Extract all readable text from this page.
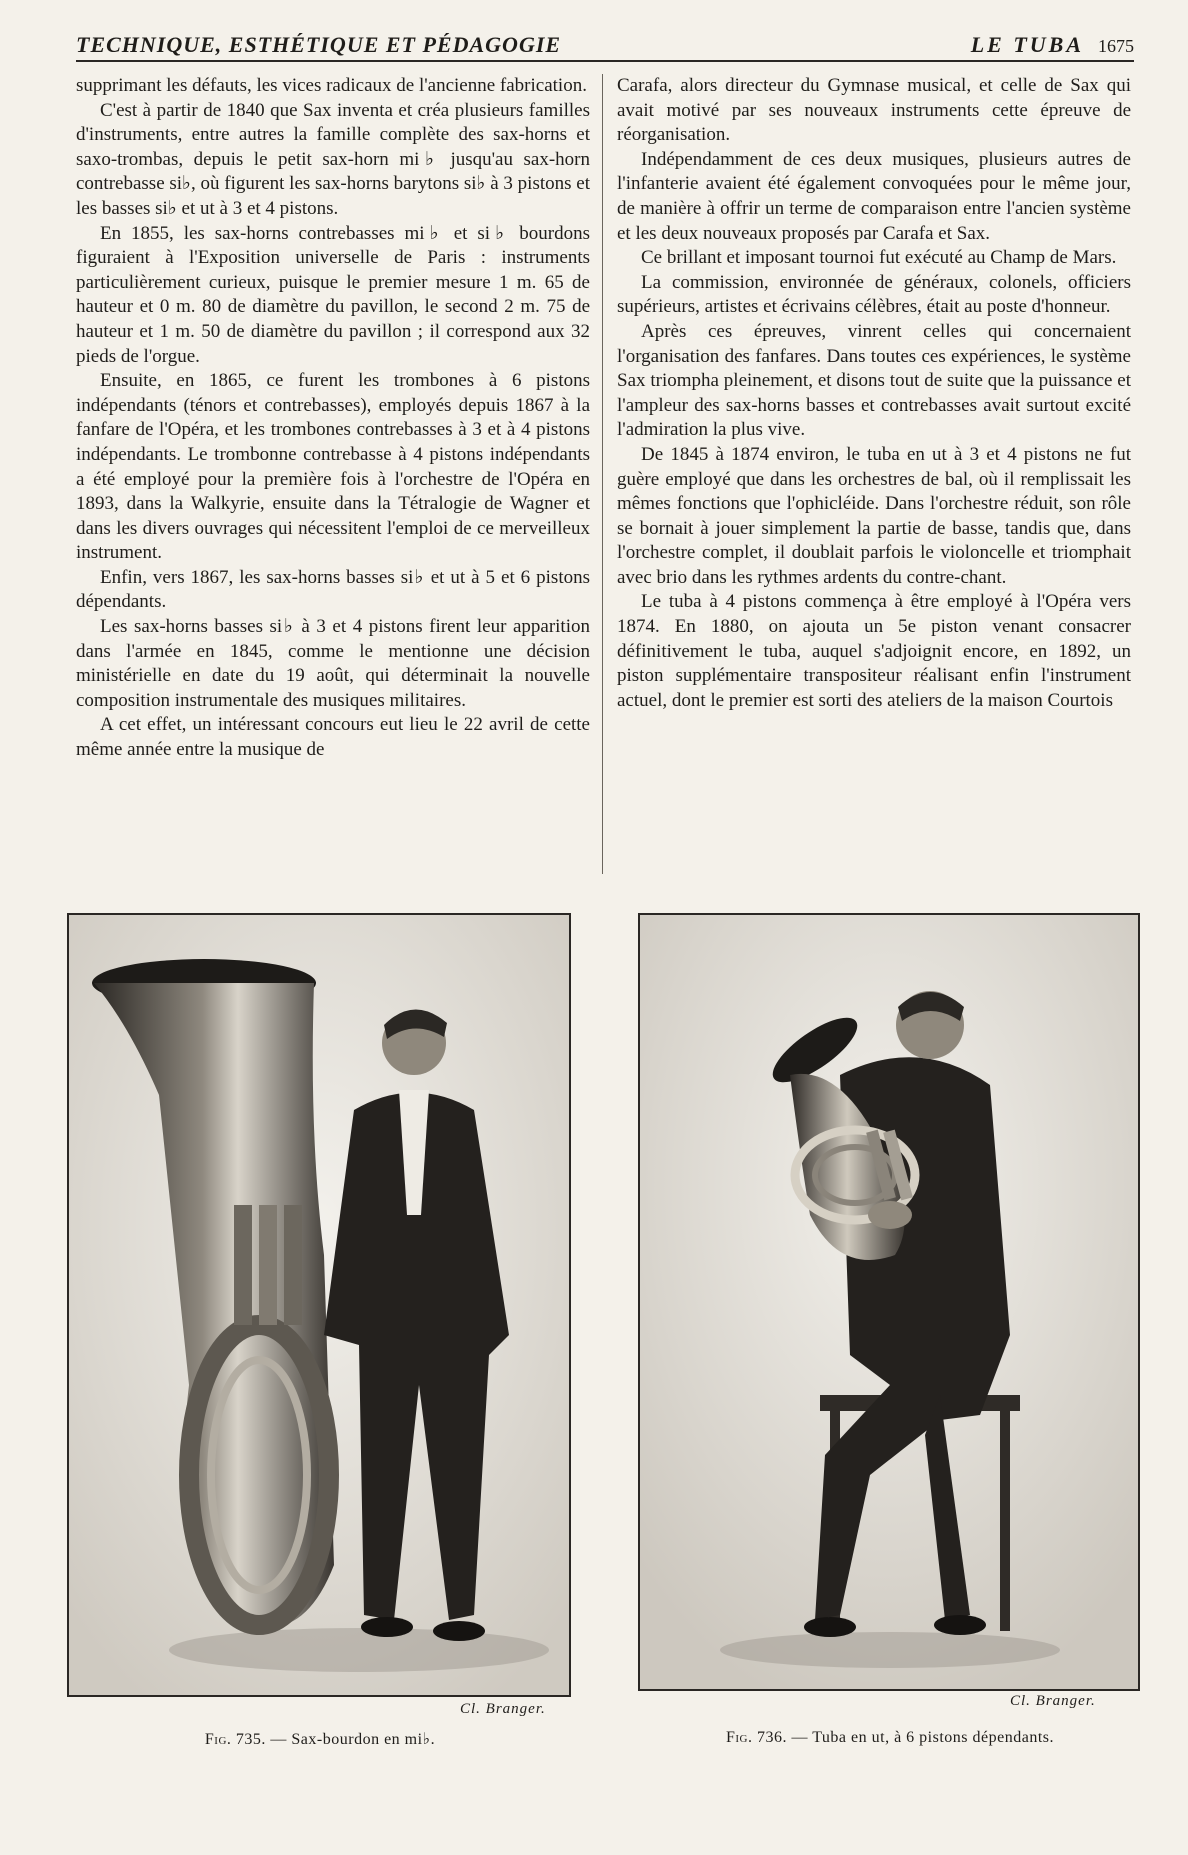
TECHNIQUE, ESTHÉTIQUE ET PÉDAGOGIE	LE TUBA 1675

supprimant les défauts, les vices radicaux de l'ancienne fabrication.

C'est à partir de 1840 que Sax inventa et créa plusieurs familles d'instruments, entre autres la famille complète des sax-horns et saxo-trombas, depuis le petit sax-horn mi♭ jusqu'au sax-horn contrebasse si♭, où figurent les sax-horns barytons si♭ à 3 pistons et les basses si♭ et ut à 3 et 4 pistons.

En 1855, les sax-horns contrebasses mi♭ et si♭ bourdons figuraient à l'Exposition universelle de Paris : instruments particulièrement curieux, puisque le premier mesure 1 m. 65 de hauteur et 0 m. 80 de diamètre du pavillon, le second 2 m. 75 de hauteur et 1 m. 50 de diamètre du pavillon ; il correspond aux 32 pieds de l'orgue.

Ensuite, en 1865, ce furent les trombones à 6 pistons indépendants (ténors et contrebasses), employés depuis 1867 à la fanfare de l'Opéra, et les trombones contrebasses à 3 et à 4 pistons indépendants. Le trombonne contrebasse à 4 pistons indépendants a été employé pour la première fois à l'orchestre de l'Opéra en 1893, dans la Walkyrie, ensuite dans la Tétralogie de Wagner et dans les divers ouvrages qui nécessitent l'emploi de ce merveilleux instrument.

Enfin, vers 1867, les sax-horns basses si♭ et ut à 5 et 6 pistons dépendants.

Les sax-horns basses si♭ à 3 et 4 pistons firent leur apparition dans l'armée en 1845, comme le mentionne une décision ministérielle en date du 19 août, qui déterminait la nouvelle composition instrumentale des musiques militaires.

A cet effet, un intéressant concours eut lieu le 22 avril de cette même année entre la musique de

Carafa, alors directeur du Gymnase musical, et celle de Sax qui avait motivé par ses nouveaux instruments cette épreuve de réorganisation.

Indépendamment de ces deux musiques, plusieurs autres de l'infanterie avaient été également convoquées pour le même jour, de manière à offrir un terme de comparaison entre l'ancien système et les deux nouveaux proposés par Carafa et Sax.

Ce brillant et imposant tournoi fut exécuté au Champ de Mars.

La commission, environnée de généraux, colonels, officiers supérieurs, artistes et écrivains célèbres, était au poste d'honneur.

Après ces épreuves, vinrent celles qui concernaient l'organisation des fanfares. Dans toutes ces expériences, le système Sax triompha pleinement, et disons tout de suite que la puissance et l'ampleur des sax-horns basses et contrebasses avait surtout excité l'admiration la plus vive.

De 1845 à 1874 environ, le tuba en ut à 3 et 4 pistons ne fut guère employé que dans les orchestres de bal, où il remplissait les mêmes fonctions que l'ophicléide. Dans l'orchestre réduit, son rôle se bornait à jouer simplement la partie de basse, tandis que, dans l'orchestre complet, il doublait parfois le violoncelle et triomphait avec brio dans les rythmes ardents du contre-chant.

Le tuba à 4 pistons commença à être employé à l'Opéra vers 1874. En 1880, on ajouta un 5e piston venant consacrer définitivement le tuba, auquel s'adjoignit encore, en 1892, un piston supplémentaire transpositeur réalisant enfin l'instrument actuel, dont le premier est sorti des ateliers de la maison Courtois

Cl. Branger.
Fig. 735. — Sax-bourdon en mi♭.
Cl. Branger.
Fig. 736. — Tuba en ut, à 6 pistons dépendants.
